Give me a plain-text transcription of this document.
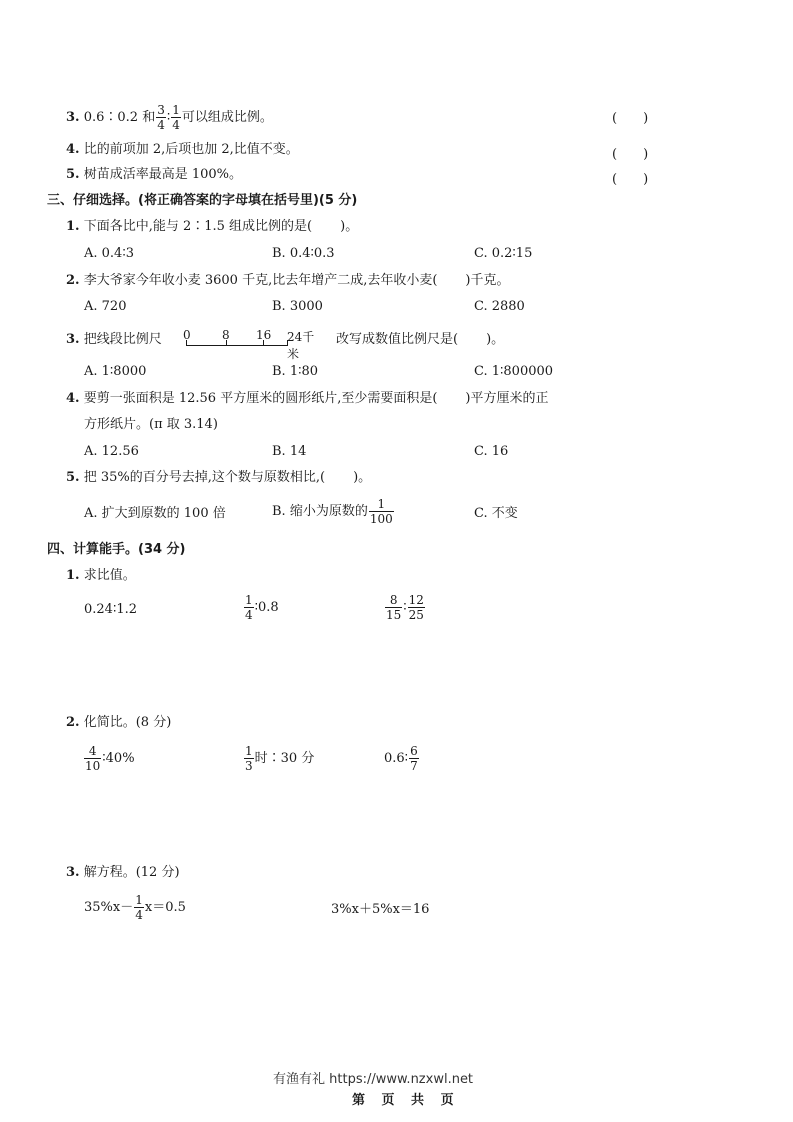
3. 0.6∶0.2 和 $\frac{3}{4}$ ∶ $\frac{1}{4}$ 可以组成比例。	(　　)
4. 比的前项加 2,后项也加 2,比值不变。	(　　)
5. 树苗成活率最高是 100%。	(　　)
三、仔细选择。(将正确答案的字母填在括号里)(5 分)
1. 下面各比中,能与 2∶1.5 组成比例的是( )。
A. 0.4∶3	B. 0.4∶0.3	C. 0.2∶15
2. 李大爷家今年收小麦 3600 千克,比去年增产二成,去年收小麦( )千克。
A. 720	B. 3000	C. 2880
3. 把线段比例尺 0	8 16 24千米
改写成数值比例尺是( )。
A. 1∶8000	B. 1∶80	C. 1∶800000
4. 要剪一张面积是 12.56 平方厘米的圆形纸片,至少需要面积是( )平方厘米的正
方形纸片。(π 取 3.14)
A. 12.56	B. 14	C. 16
5. 把 35%的百分号去掉,这个数与原数相比,( )。
A. 扩大到原数的 100 倍	B. 缩小为原数的 $\frac{1}{100}$	C. 不变
四、计算能手。(34 分)
1. 求比值。
0.24∶1.2	$\frac{1}{4}$ ∶0.8	$\frac{8}{15}$ ∶ $\frac{12}{25}$
2. 化简比。(8 分)
$\frac{4}{10}$ ∶40%	$\frac{1}{3}$ 时∶30 分	0.6∶ $\frac{6}{7}$
3. 解方程。(12 分)
$35\%x- \frac{1}{4} x=0.5$	3%x＋5%x＝16
有渔有礼 https://www.nzxwl.net
第 页 共 页
